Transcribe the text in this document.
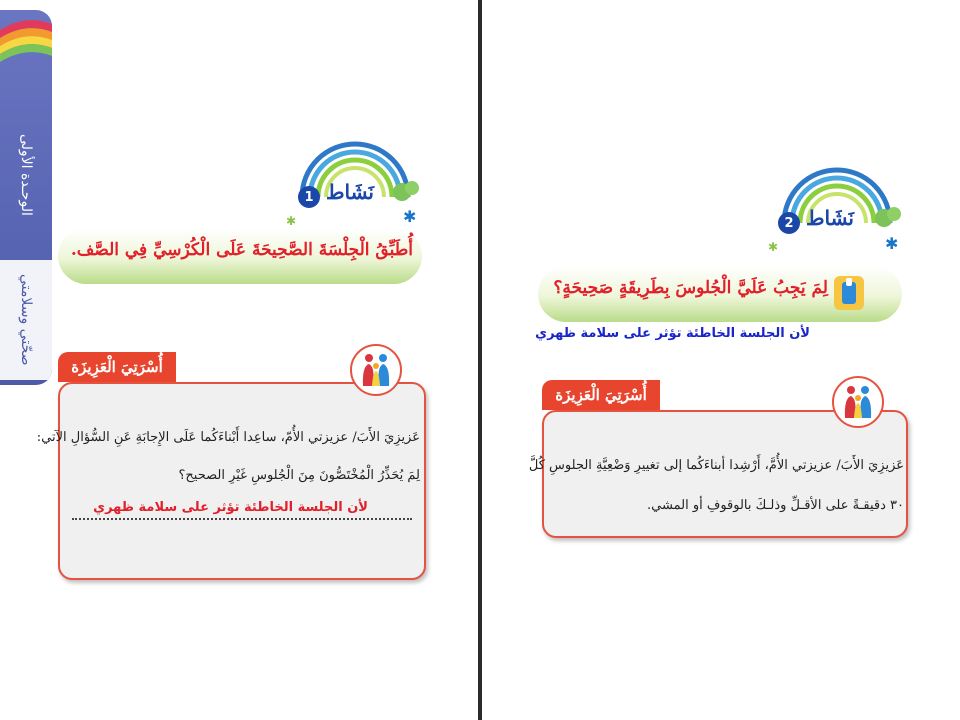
الوحـدة الأولى
صحّتي وسلامتي
نَشَاط
1
✱
✱
أُطَبِّقُ الْجِلْسَةَ الصَّحِيحَةَ عَلَى الْكُرْسِيِّ فِي الصَّف.
أُسْرَتِيَ الْعَزِيزَة
عَزيزِيَ الأَبَ/ عزيزتي الأُمّ، ساعِدا أَبْناءَكُما عَلَى الإِجابَةِ عَنِ السُّؤالِ الآتي:
لِمَ يُحَذِّرُ الْمُخْتَصُّونَ مِنَ الْجُلوسِ غَيْرِ الصحيح؟
لأن الجلسة الخاطئة تؤثر على سلامة ظهري
نَشَاط
2
✱
✱
لِمَ يَجِبُ عَلَيَّ الْجُلوسَ بِطَرِيقَةٍ صَحِيحَةٍ؟
لأن الجلسة الخاطئة تؤثر على سلامة ظهري
أُسْرَتِيَ الْعَزِيزَة
عَزيزِيَ الأَبَ/ عزيزتي الأُمَّ، أَرْشِدا أبناءَكُما إلى تغييرِ وَضْعِيَّةِ الجلوسِ كُلَّ
٣٠ دقيقـةً على الأقـلِّ وذلـكَ بالوقوفِ أو المشي.
